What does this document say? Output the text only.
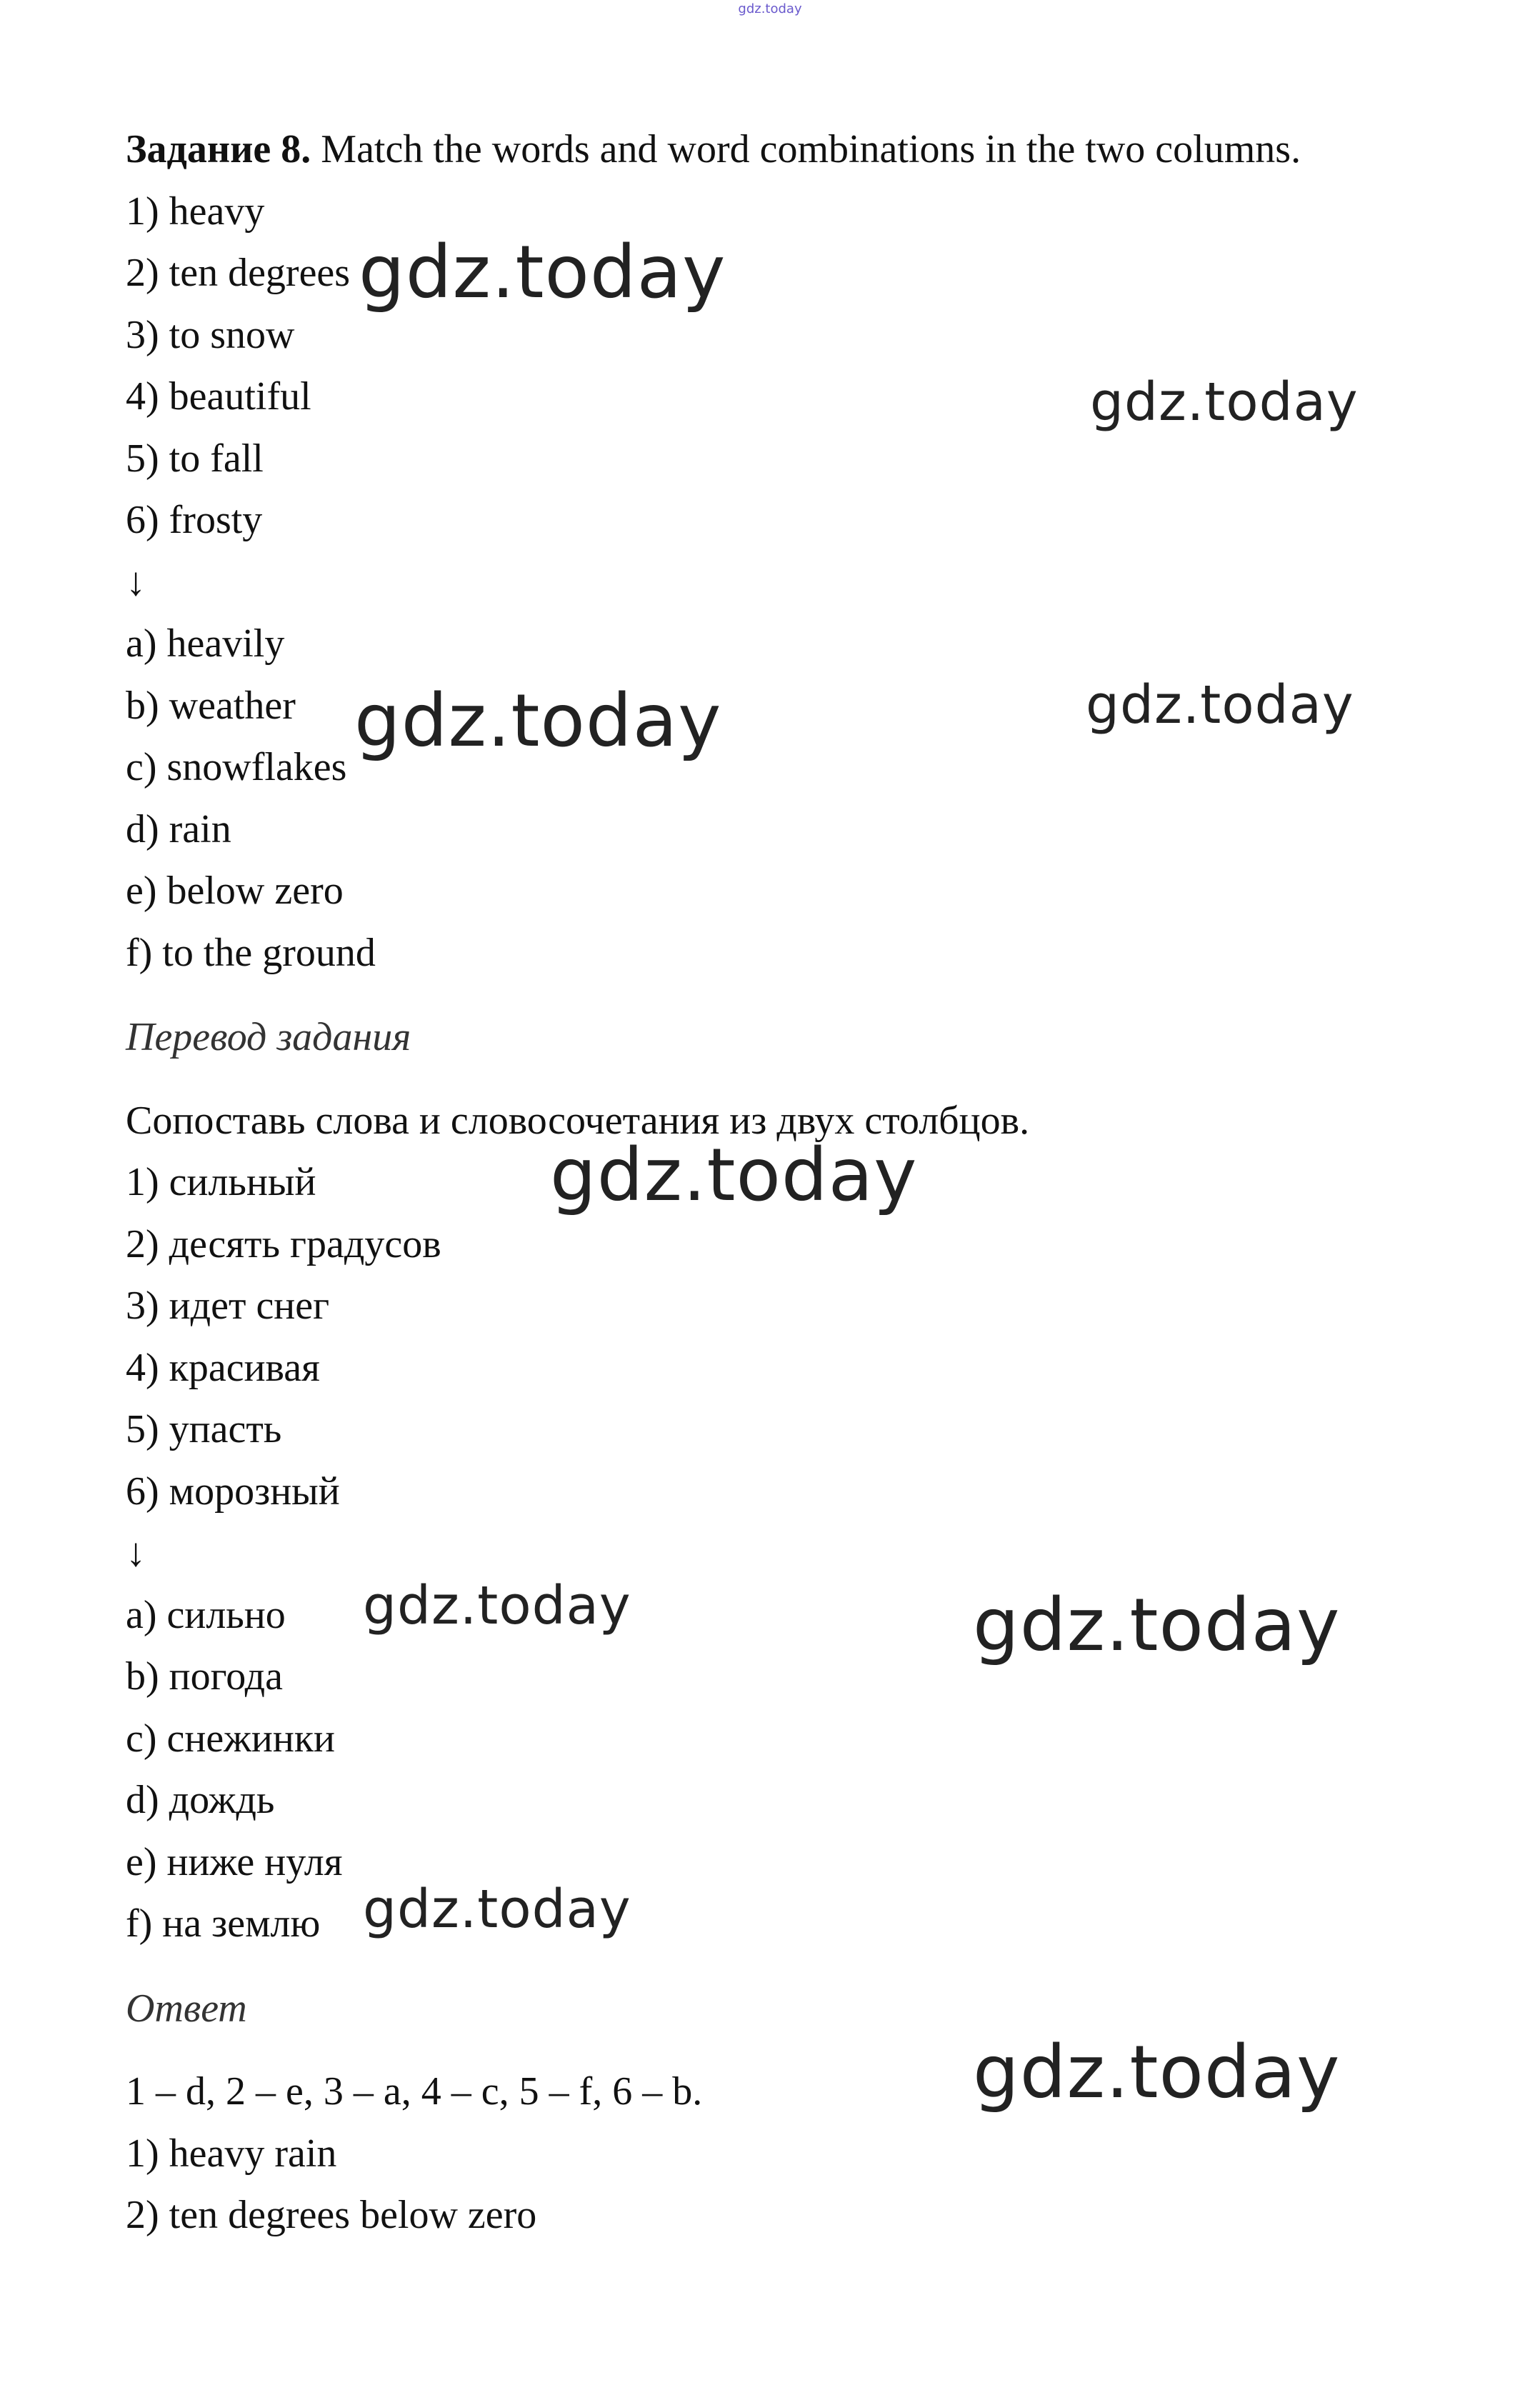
gdz.today
Задание 8. Match the words and word combinations in the two columns.
1) heavy
2) ten degrees
3) to snow
4) beautiful
5) to fall
6) frosty
↓
a) heavily
b) weather
c) snowflakes
d) rain
e) below zero
f) to the ground
Перевод задания
Сопоставь слова и словосочетания из двух столбцов.
1) сильный
2) десять градусов
3) идет снег
4) красивая
5) упасть
6) морозный
↓
a) сильно
b) погода
c) снежинки
d) дождь
e) ниже нуля
f) на землю
Ответ
1 – d, 2 – e, 3 – a, 4 – c, 5 – f, 6 – b.
1) heavy rain
2) ten degrees below zero
gdz.today
gdz.today
gdz.today	gdz.today
gdz.today
gdz.today	gdz.today
gdz.today
gdz.today
